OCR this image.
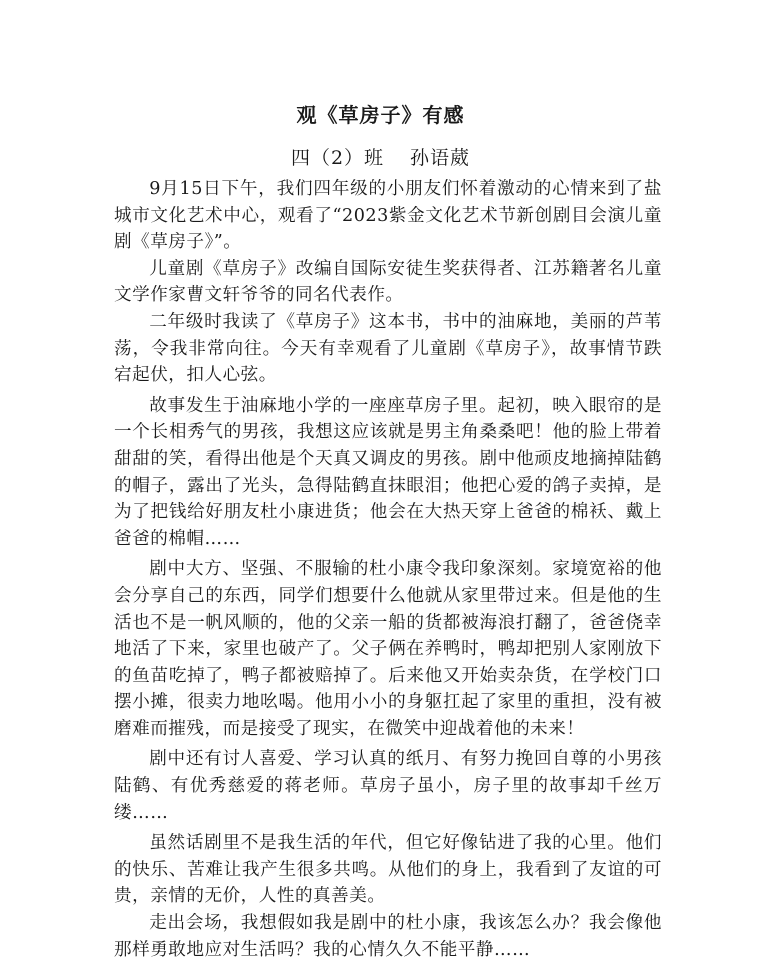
观《草房子》有感
四（2）班 孙语葳

9月15日下午，我们四年级的小朋友们怀着激动的心情来到了盐城市文化艺术中心，观看了“2023紫金文化艺术节新创剧目会演儿童剧《草房子》”。

儿童剧《草房子》改编自国际安徒生奖获得者、江苏籍著名儿童文学作家曹文轩爷爷的同名代表作。

二年级时我读了《草房子》这本书，书中的油麻地，美丽的芦苇荡，令我非常向往。今天有幸观看了儿童剧《草房子》，故事情节跌宕起伏，扣人心弦。

故事发生于油麻地小学的一座座草房子里。起初，映入眼帘的是一个长相秀气的男孩，我想这应该就是男主角桑桑吧！他的脸上带着甜甜的笑，看得出他是个天真又调皮的男孩。剧中他顽皮地摘掉陆鹤的帽子，露出了光头，急得陆鹤直抹眼泪；他把心爱的鸽子卖掉，是为了把钱给好朋友杜小康进货；他会在大热天穿上爸爸的棉袄、戴上爸爸的棉帽……

剧中大方、坚强、不服输的杜小康令我印象深刻。家境宽裕的他会分享自己的东西，同学们想要什么他就从家里带过来。但是他的生活也不是一帆风顺的，他的父亲一船的货都被海浪打翻了，爸爸侥幸地活了下来，家里也破产了。父子俩在养鸭时，鸭却把别人家刚放下的鱼苗吃掉了，鸭子都被赔掉了。后来他又开始卖杂货，在学校门口摆小摊，很卖力地吆喝。他用小小的身躯扛起了家里的重担，没有被磨难而摧残，而是接受了现实，在微笑中迎战着他的未来！

剧中还有讨人喜爱、学习认真的纸月、有努力挽回自尊的小男孩陆鹤、有优秀慈爱的蒋老师。草房子虽小，房子里的故事却千丝万缕……

虽然话剧里不是我生活的年代，但它好像钻进了我的心里。他们的快乐、苦难让我产生很多共鸣。从他们的身上，我看到了友谊的可贵，亲情的无价，人性的真善美。

走出会场，我想假如我是剧中的杜小康，我该怎么办？我会像他那样勇敢地应对生活吗？我的心情久久不能平静……
